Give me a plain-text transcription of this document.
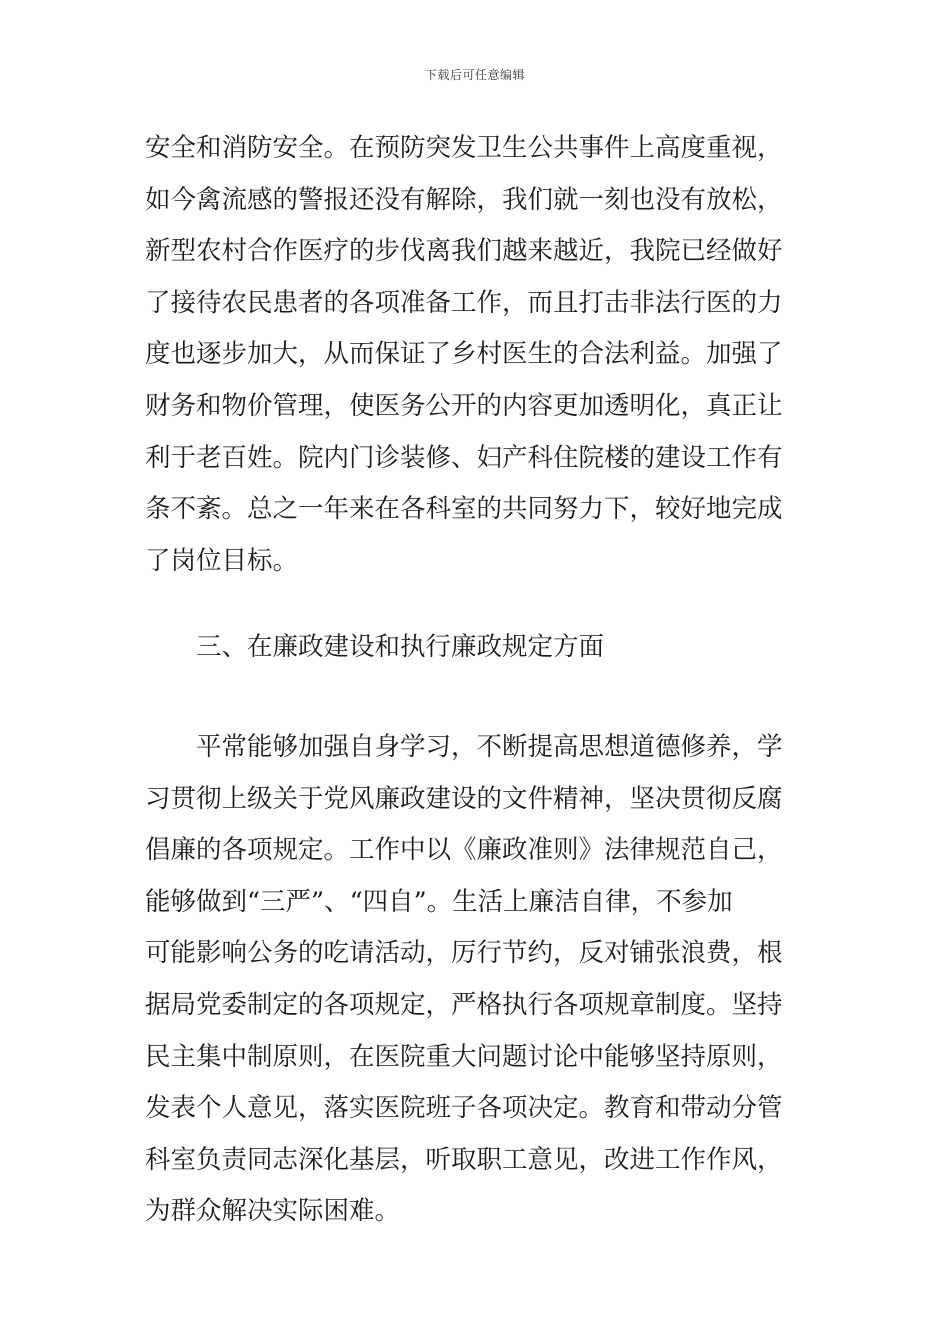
下载后可任意编辑
安全和消防安全。在预防突发卫生公共事件上高度重视，
如今禽流感的警报还没有解除，我们就一刻也没有放松，
新型农村合作医疗的步伐离我们越来越近，我院已经做好
了接待农民患者的各项准备工作，而且打击非法行医的力
度也逐步加大，从而保证了乡村医生的合法利益。加强了
财务和物价管理，使医务公开的内容更加透明化，真正让
利于老百姓。院内门诊装修、妇产科住院楼的建设工作有
条不紊。总之一年来在各科室的共同努力下，较好地完成
了岗位目标。
三、在廉政建设和执行廉政规定方面
平常能够加强自身学习，不断提高思想道德修养，学
习贯彻上级关于党风廉政建设的文件精神，坚决贯彻反腐
倡廉的各项规定。工作中以《廉政准则》法律规范自己，
能够做到“三严”、“四自”。生活上廉洁自律，不参加
可能影响公务的吃请活动，厉行节约，反对铺张浪费，根
据局党委制定的各项规定，严格执行各项规章制度。坚持
民主集中制原则，在医院重大问题讨论中能够坚持原则，
发表个人意见，落实医院班子各项决定。教育和带动分管
科室负责同志深化基层，听取职工意见，改进工作作风，
为群众解决实际困难。
